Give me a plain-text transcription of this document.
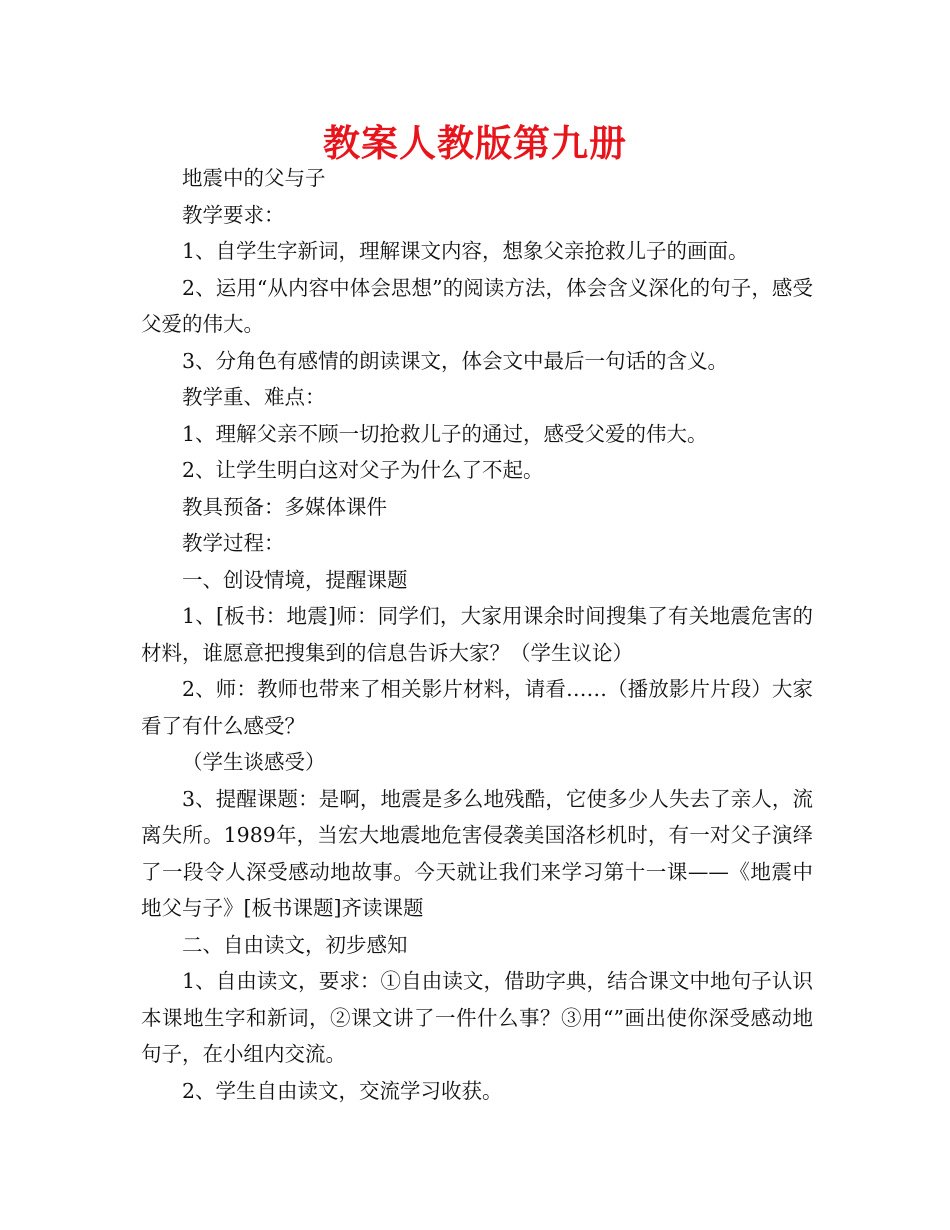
教案人教版第九册

地震中的父与子

教学要求：

1、自学生字新词，理解课文内容，想象父亲抢救儿子的画面。

2、运用“从内容中体会思想”的阅读方法，体会含义深化的句子，感受父爱的伟大。

3、分角色有感情的朗读课文，体会文中最后一句话的含义。

教学重、难点：

1、理解父亲不顾一切抢救儿子的通过，感受父爱的伟大。

2、让学生明白这对父子为什么了不起。

教具预备：多媒体课件

教学过程：

一、创设情境，提醒课题

1、[板书：地震]师：同学们，大家用课余时间搜集了有关地震危害的材料，谁愿意把搜集到的信息告诉大家？（学生议论）

2、师：教师也带来了相关影片材料，请看……（播放影片片段）大家看了有什么感受？

（学生谈感受）

3、提醒课题：是啊，地震是多么地残酷，它使多少人失去了亲人，流离失所。1989年，当宏大地震地危害侵袭美国洛杉机时，有一对父子演绎了一段令人深受感动地故事。今天就让我们来学习第十一课——《地震中地父与子》[板书课题]齐读课题

二、自由读文，初步感知

1、自由读文，要求：①自由读文，借助字典，结合课文中地句子认识本课地生字和新词，②课文讲了一件什么事？③用“”画出使你深受感动地句子，在小组内交流。

2、学生自由读文，交流学习收获。
